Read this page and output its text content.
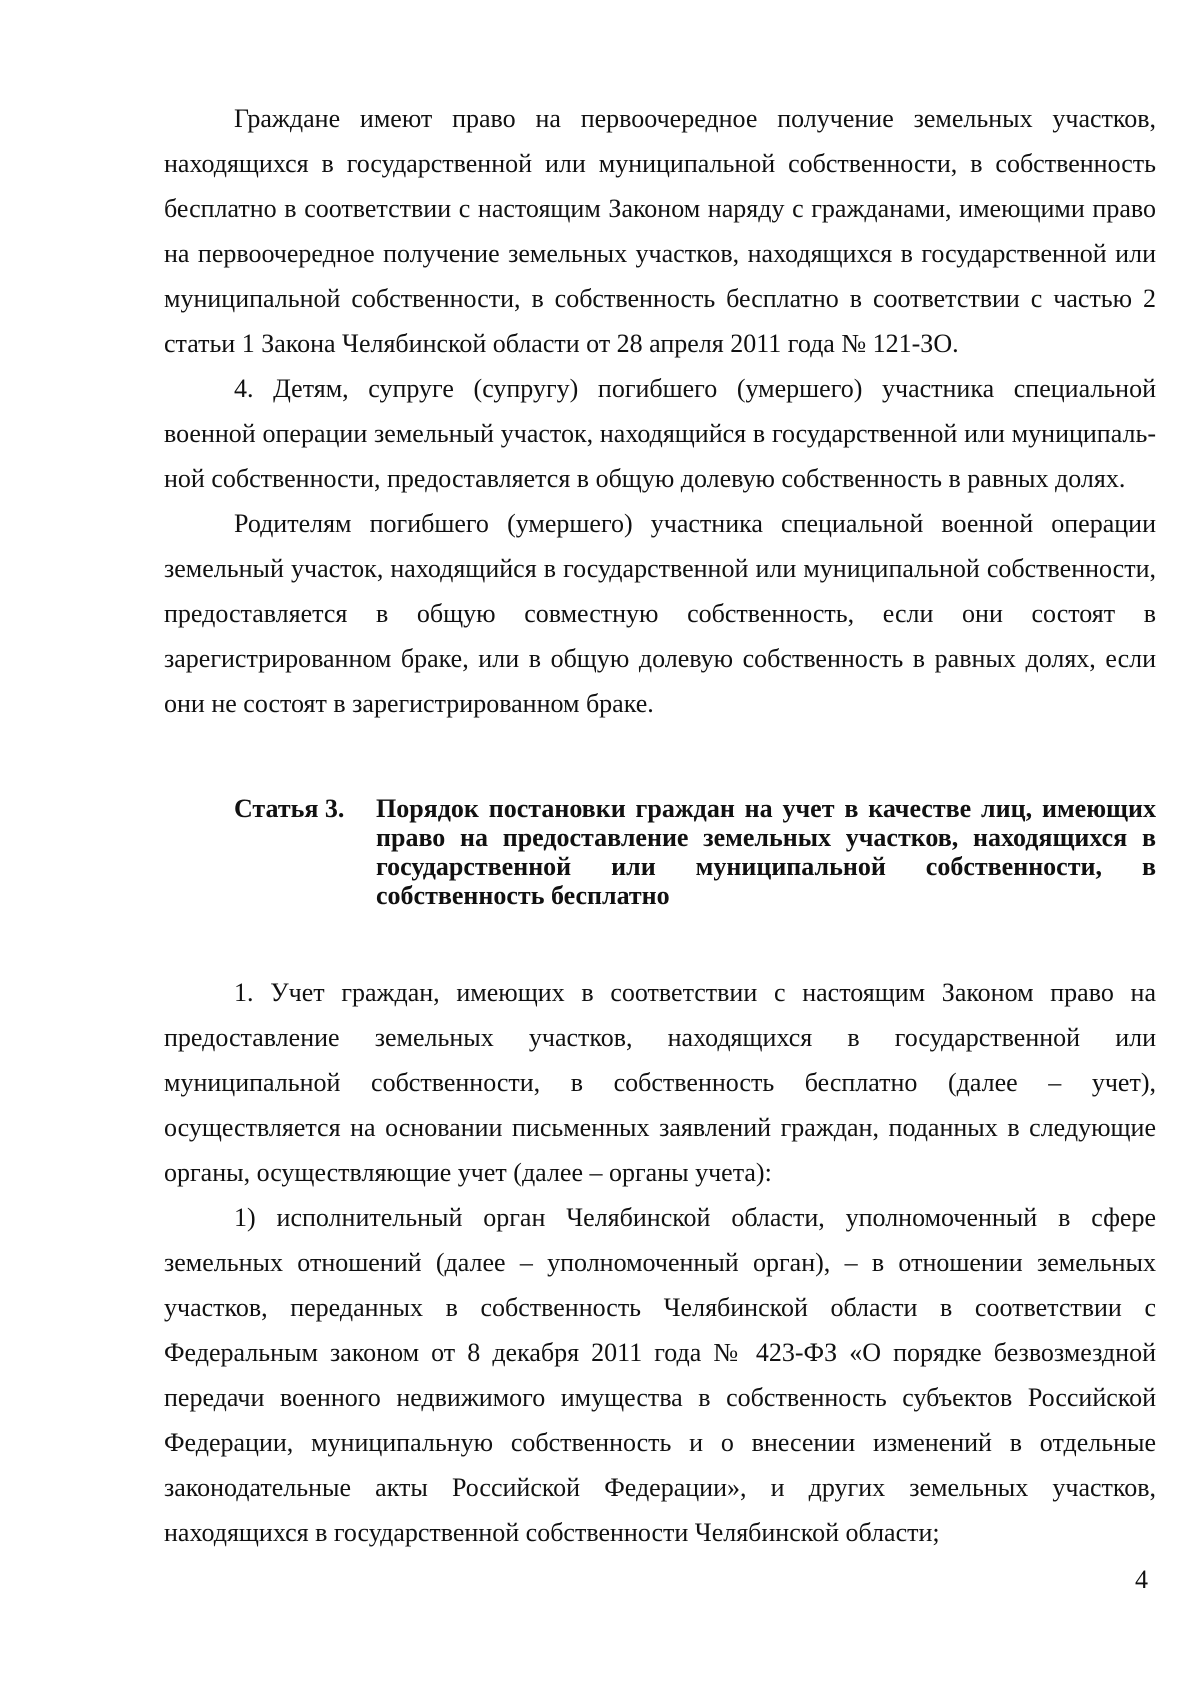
Граждане имеют право на первоочередное получение земельных участков, находящихся в государственной или муниципальной собственности, в собственность бесплатно в соответствии с настоящим Законом наряду с гражданами, имеющими право на первоочередное получение земельных участков, находящихся в государственной или муниципальной собственности, в собственность бесплатно в соответствии с частью 2 статьи 1 Закона Челябинской области от 28 апреля 2011 года № 121-ЗО.

4. Детям, супруге (супругу) погибшего (умершего) участника специальной военной операции земельный участок, находящийся в государственной или муниципальной собственности, предоставляется в общую долевую собственность в равных долях.

Родителям погибшего (умершего) участника специальной военной операции земельный участок, находящийся в государственной или муниципальной собственности, предоставляется в общую совместную собственность, если они состоят в зарегистрированном браке, или в общую долевую собственность в равных долях, если они не состоят в зарегистрированном браке.

Статья 3.	Порядок постановки граждан на учет в качестве лиц, имеющих право на предоставление земельных участков, находящихся в государственной или муниципальной собственности, в собственность бесплатно

1. Учет граждан, имеющих в соответствии с настоящим Законом право на предоставление земельных участков, находящихся в государственной или муниципальной собственности, в собственность бесплатно (далее – учет), осуществляется на основании письменных заявлений граждан, поданных в следующие органы, осуществляющие учет (далее – органы учета):

1) исполнительный орган Челябинской области, уполномоченный в сфере земельных отношений (далее – уполномоченный орган), – в отношении земельных участков, переданных в собственность Челябинской области в соответствии с Федеральным законом от 8 декабря 2011 года № 423-ФЗ «О порядке безвозмездной передачи военного недвижимого имущества в собственность субъектов Российской Федерации, муниципальную собственность и о внесении изменений в отдельные законодательные акты Российской Федерации», и других земельных участков, находящихся в государственной собственности Челябинской области;

4
